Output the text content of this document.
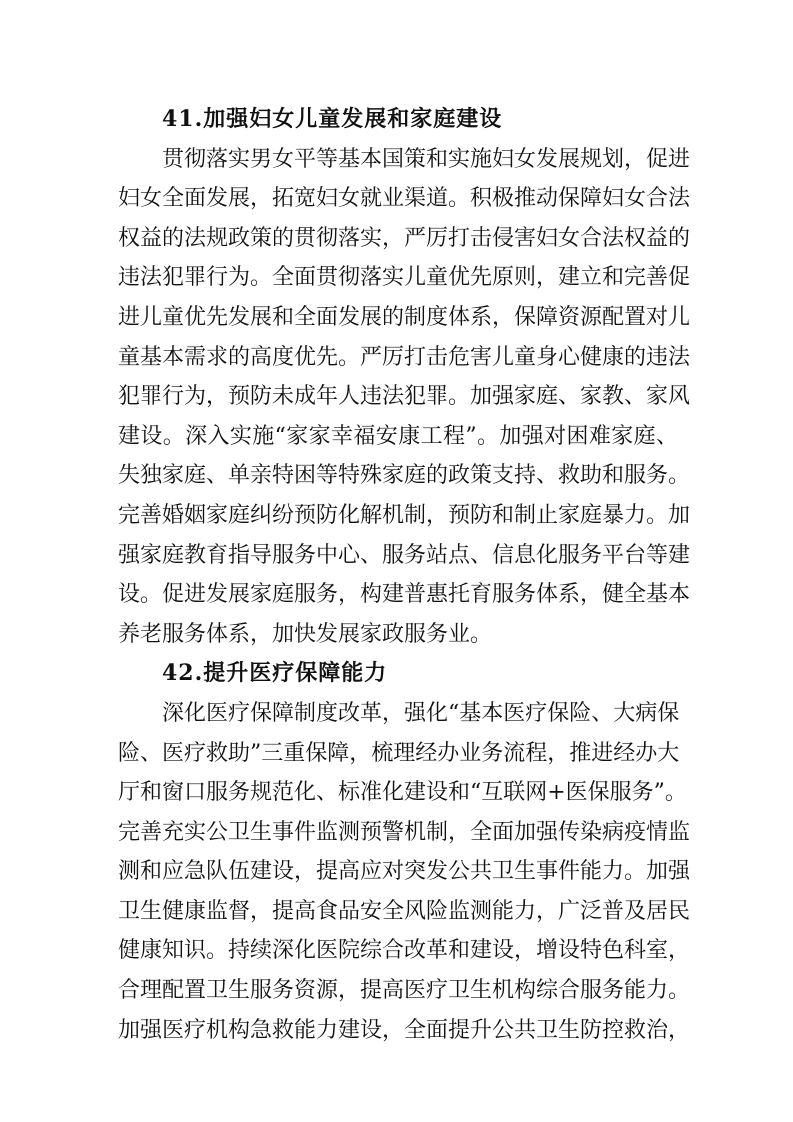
41.加强妇女儿童发展和家庭建设
贯彻落实男女平等基本国策和实施妇女发展规划，促进
妇女全面发展，拓宽妇女就业渠道。积极推动保障妇女合法
权益的法规政策的贯彻落实，严厉打击侵害妇女合法权益的
违法犯罪行为。全面贯彻落实儿童优先原则，建立和完善促
进儿童优先发展和全面发展的制度体系，保障资源配置对儿
童基本需求的高度优先。严厉打击危害儿童身心健康的违法
犯罪行为，预防未成年人违法犯罪。加强家庭、家教、家风
建设。深入实施“家家幸福安康工程”。加强对困难家庭、
失独家庭、单亲特困等特殊家庭的政策支持、救助和服务。
完善婚姻家庭纠纷预防化解机制，预防和制止家庭暴力。加
强家庭教育指导服务中心、服务站点、信息化服务平台等建
设。促进发展家庭服务，构建普惠托育服务体系，健全基本
养老服务体系，加快发展家政服务业。
42.提升医疗保障能力
深化医疗保障制度改革，强化“基本医疗保险、大病保
险、医疗救助”三重保障，梳理经办业务流程，推进经办大
厅和窗口服务规范化、标准化建设和“互联网+医保服务”。
完善充实公卫生事件监测预警机制，全面加强传染病疫情监
测和应急队伍建设，提高应对突发公共卫生事件能力。加强
卫生健康监督，提高食品安全风险监测能力，广泛普及居民
健康知识。持续深化医院综合改革和建设，增设特色科室，
合理配置卫生服务资源，提高医疗卫生机构综合服务能力。
加强医疗机构急救能力建设，全面提升公共卫生防控救治，
